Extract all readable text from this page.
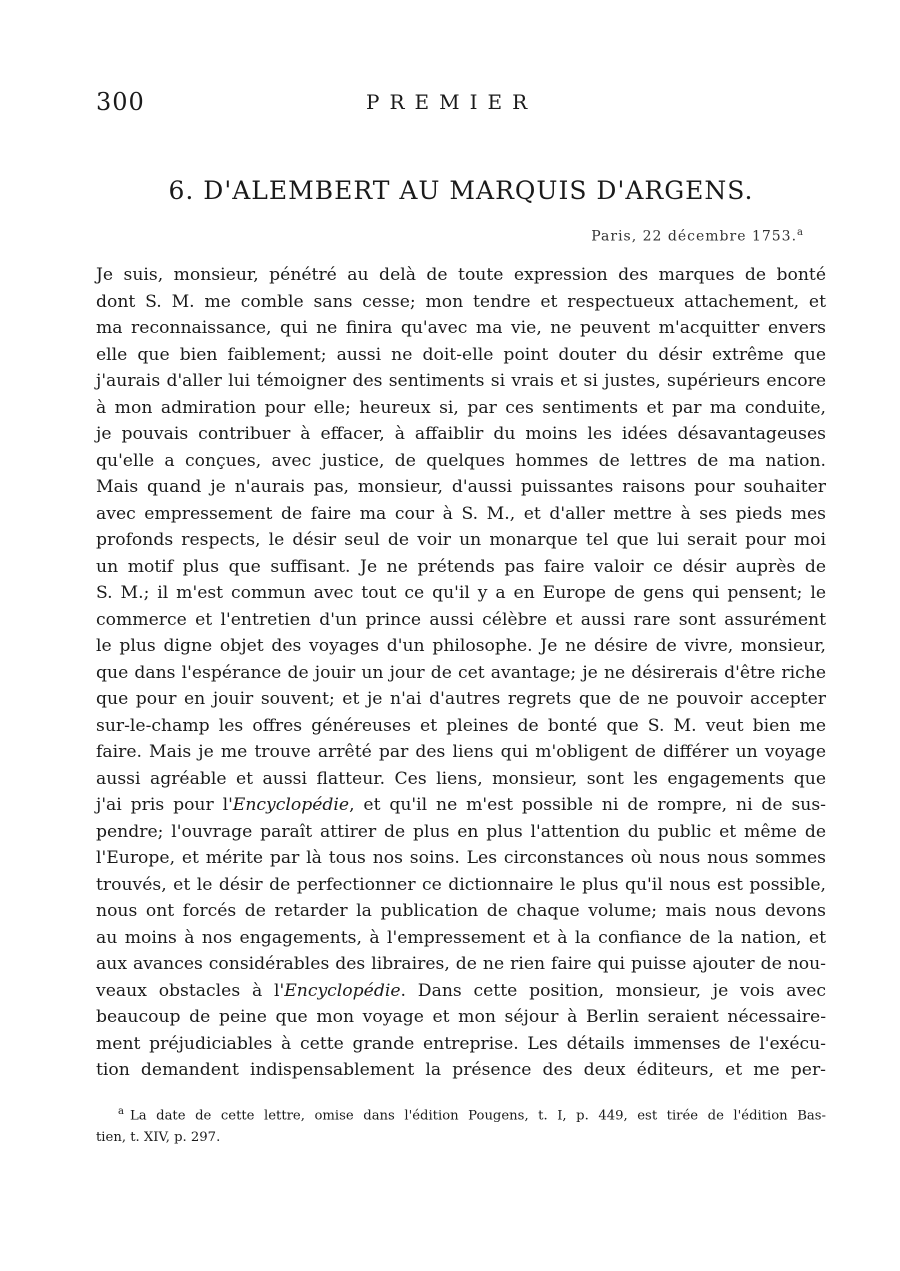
300	PREMIER
6. D'ALEMBERT AU MARQUIS D'ARGENS.
Paris, 22 décembre 1753.$^a$
Je suis, monsieur, pénétré au delà de toute expression des marques de bonté
dont S. M. me comble sans cesse; mon tendre et respectueux attachement, et
ma reconnaissance, qui ne finira qu'avec ma vie, ne peuvent m'acquitter envers
elle que bien faiblement; aussi ne doit-elle point douter du désir extrême que
j'aurais d'aller lui témoigner des sentiments si vrais et si justes, supérieurs encore
à mon admiration pour elle; heureux si, par ces sentiments et par ma conduite,
je pouvais contribuer à effacer, à affaiblir du moins les idées désavantageuses
qu'elle a conçues, avec justice, de quelques hommes de lettres de ma nation.
Mais quand je n'aurais pas, monsieur, d'aussi puissantes raisons pour souhaiter
avec empressement de faire ma cour à S. M., et d'aller mettre à ses pieds mes
profonds respects, le désir seul de voir un monarque tel que lui serait pour moi
un motif plus que suffisant. Je ne prétends pas faire valoir ce désir auprès de
S. M.; il m'est commun avec tout ce qu'il y a en Europe de gens qui pensent; le
commerce et l'entretien d'un prince aussi célèbre et aussi rare sont assurément
le plus digne objet des voyages d'un philosophe. Je ne désire de vivre, monsieur,
que dans l'espérance de jouir un jour de cet avantage; je ne désirerais d'être riche
que pour en jouir souvent; et je n'ai d'autres regrets que de ne pouvoir accepter
sur-le-champ les offres généreuses et pleines de bonté que S. M. veut bien me
faire. Mais je me trouve arrêté par des liens qui m'obligent de différer un voyage
aussi agréable et aussi flatteur. Ces liens, monsieur, sont les engagements que
j'ai pris pour l'Encyclopédie, et qu'il ne m'est possible ni de rompre, ni de sus-
pendre; l'ouvrage paraît attirer de plus en plus l'attention du public et même de
l'Europe, et mérite par là tous nos soins. Les circonstances où nous nous sommes
trouvés, et le désir de perfectionner ce dictionnaire le plus qu'il nous est possible,
nous ont forcés de retarder la publication de chaque volume; mais nous devons
au moins à nos engagements, à l'empressement et à la confiance de la nation, et
aux avances considérables des libraires, de ne rien faire qui puisse ajouter de nou-
veaux obstacles à l'Encyclopédie. Dans cette position, monsieur, je vois avec
beaucoup de peine que mon voyage et mon séjour à Berlin seraient nécessaire-
ment préjudiciables à cette grande entreprise. Les détails immenses de l'exécu-
tion demandent indispensablement la présence des deux éditeurs, et me per-
$^a$ La date de cette lettre, omise dans l'édition Pougens, t. I, p. 449, est tirée de l'édition Bas-
tien, t. XIV, p. 297.
